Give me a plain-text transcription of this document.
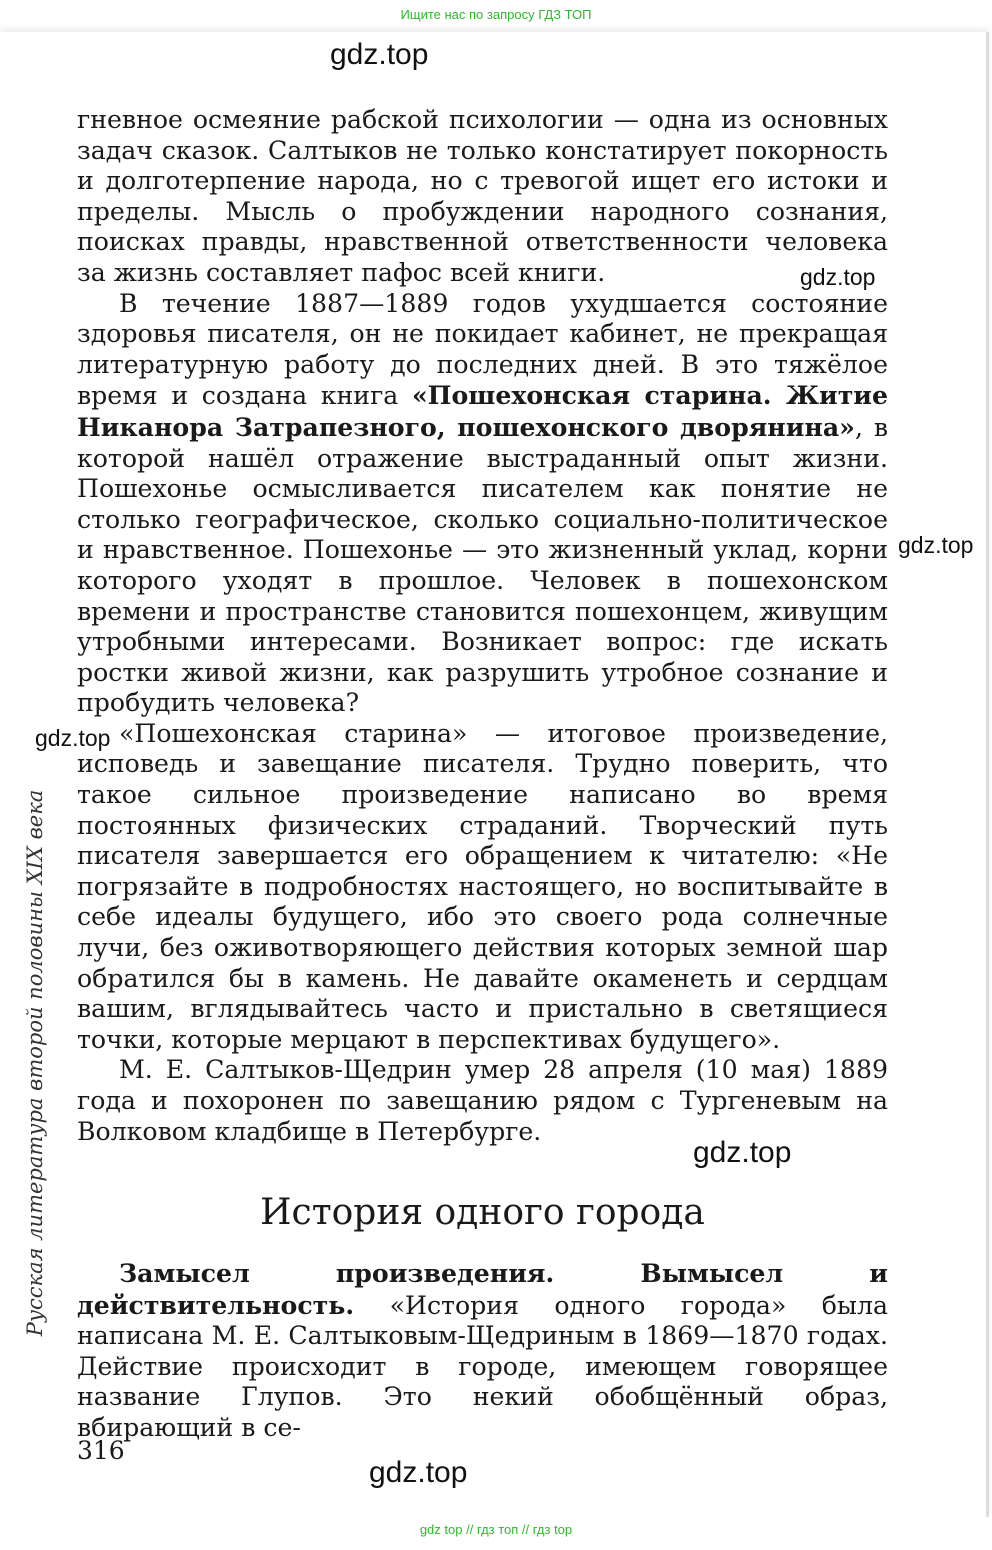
Ищите нас по запросу ГДЗ ТОП
gdz.top
gdz.top
gdz.top
gdz.top
gdz.top
gdz.top
Русская литература второй половины XIX века

гневное осмеяние рабской психологии — одна из основных задач сказок. Салтыков не только констатирует покорность и долготерпение народа, но с тревогой ищет его истоки и пределы. Мысль о пробуждении народного сознания, поисках правды, нравственной ответственности человека за жизнь составляет пафос всей книги.

В течение 1887—1889 годов ухудшается состояние здоровья писателя, он не покидает кабинет, не прекращая литературную работу до последних дней. В это тяжёлое время и создана книга «Пошехонская старина. Житие Никанора Затрапезного, пошехонского дворянина», в которой нашёл отражение выстраданный опыт жизни. Пошехонье осмысливается писателем как понятие не столько географическое, сколько социально-политическое и нравственное. Пошехонье — это жизненный уклад, корни которого уходят в прошлое. Человек в пошехонском времени и пространстве становится пошехонцем, живущим утробными интересами. Возникает вопрос: где искать ростки живой жизни, как разрушить утробное сознание и пробудить человека?

«Пошехонская старина» — итоговое произведение, исповедь и завещание писателя. Трудно поверить, что такое сильное произведение написано во время постоянных физических страданий. Творческий путь писателя завершается его обращением к читателю: «Не погрязайте в подробностях настоящего, но воспитывайте в себе идеалы будущего, ибо это своего рода солнечные лучи, без оживотворяющего действия которых земной шар обратился бы в камень. Не давайте окаменеть и сердцам вашим, вглядывайтесь часто и пристально в светящиеся точки, которые мерцают в перспективах будущего».

М. Е. Салтыков-Щедрин умер 28 апреля (10 мая) 1889 года и похоронен по завещанию рядом с Тургеневым на Волковом кладбище в Петербурге.

История одного города

Замысел произведения. Вымысел и действительность. «История одного города» была написана М. Е. Салтыковым-Щедриным в 1869—1870 годах. Действие происходит в городе, имеющем говорящее название Глупов. Это некий обобщённый образ, вбирающий в се-

316
gdz top // гдз топ // гдз top
